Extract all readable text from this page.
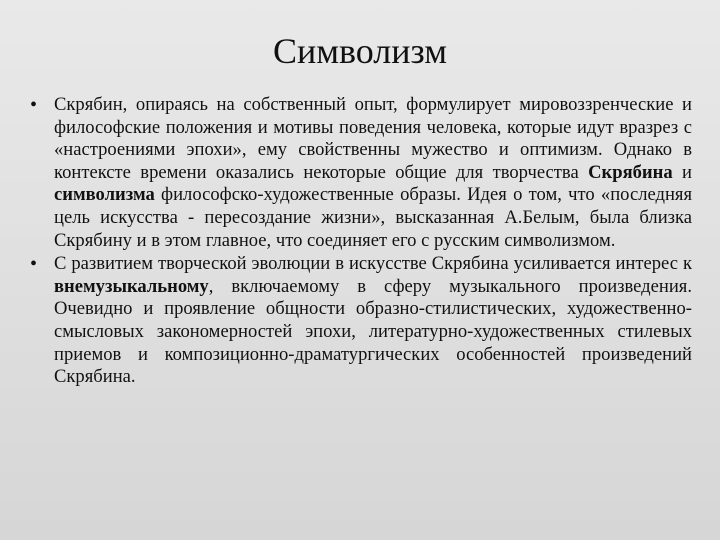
Символизм
• Скрябин, опираясь на собственный опыт, формулирует мировоззренческие и философские положения и мотивы поведения человека, которые идут вразрез с «настроениями эпохи», ему свойственны мужество и оптимизм. Однако в контексте времени оказались некоторые общие для творчества Скрябина и символизма философско-художественные образы. Идея о том, что «последняя цель искусства - пересоздание жизни», высказанная А.Белым, была близка Скрябину и в этом главное, что соединяет его с русским символизмом.
• С развитием творческой эволюции в искусстве Скрябина усиливается интерес к внемузыкальному, включаемому в сферу музыкального произведения. Очевидно и проявление общности образно-стилистических, художественно-смысловых закономерностей эпохи, литературно-художественных стилевых приемов и композиционно-драматургических особенностей произведений Скрябина.
